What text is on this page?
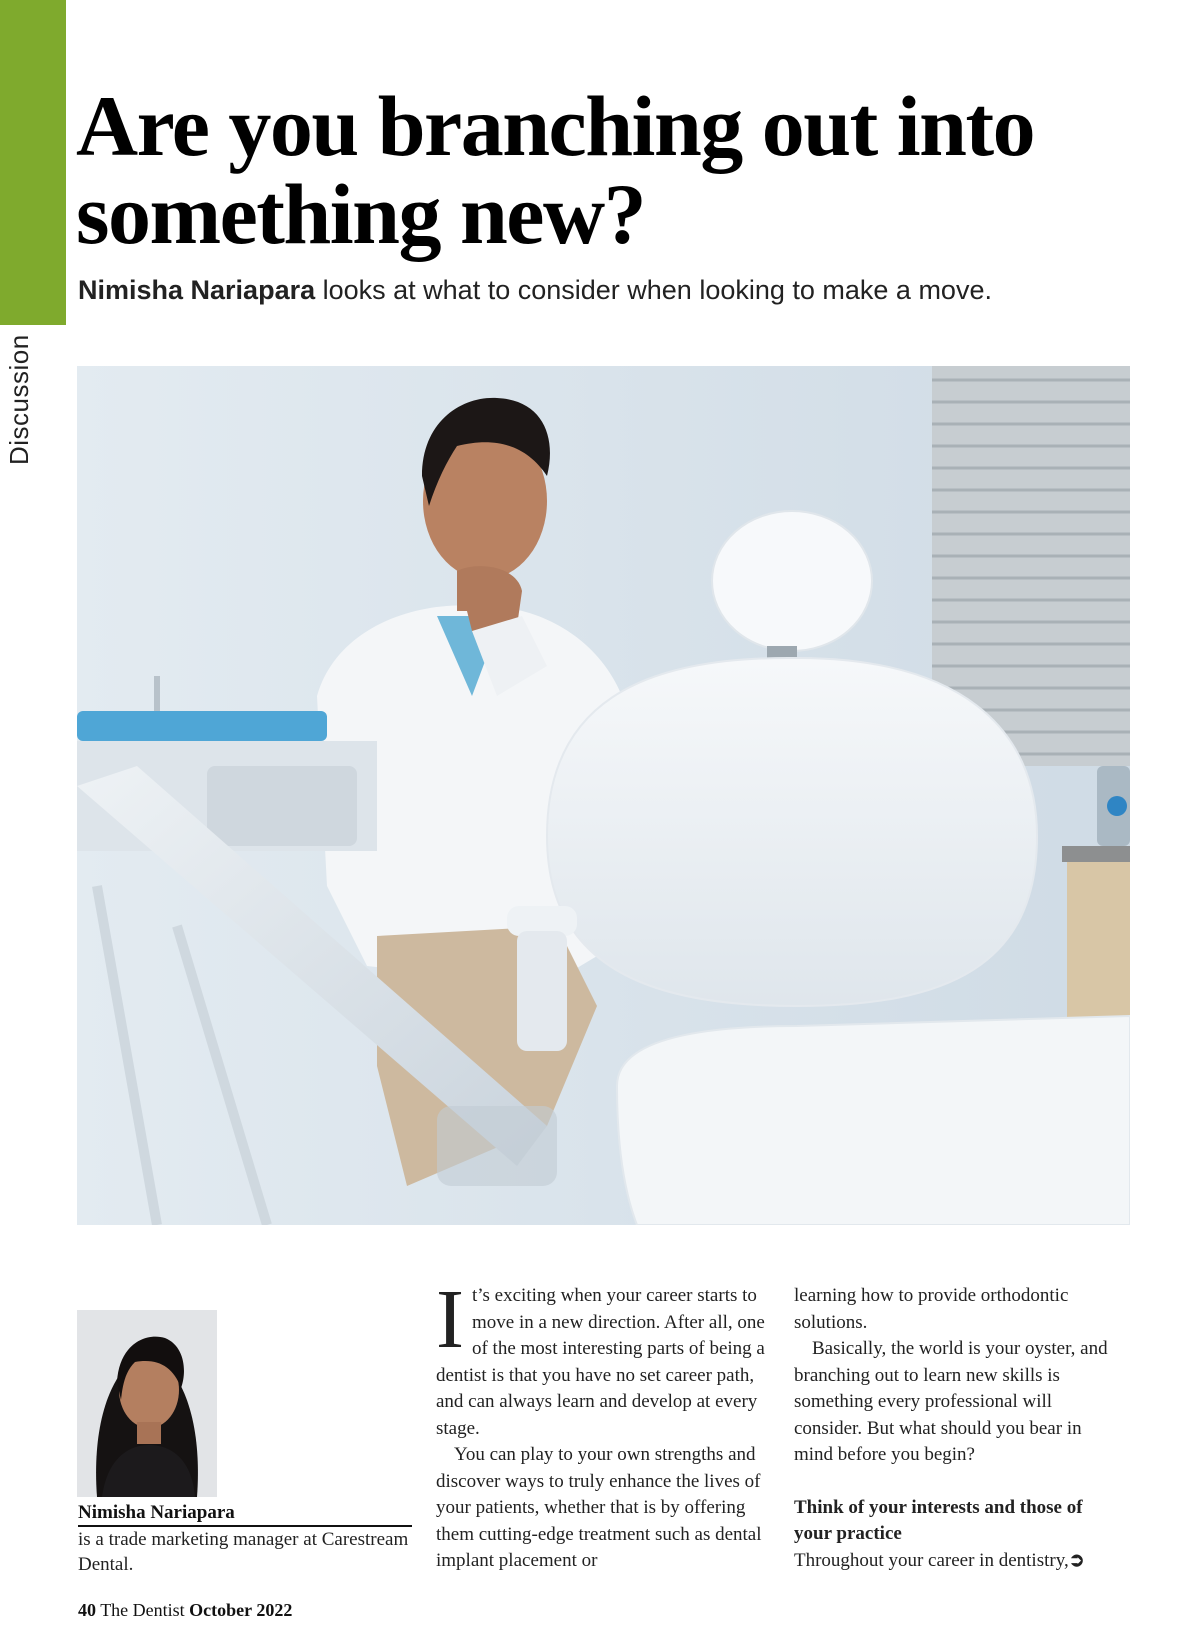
Discussion
Are you branching out into something new?
Nimisha Nariapara looks at what to consider when looking to make a move.
Nimisha Nariapara
is a trade marketing manager at Carestream Dental.

It’s exciting when your career starts to move in a new direction. After all, one of the most interesting parts of being a dentist is that you have no set career path, and can always learn and develop at every stage.

You can play to your own strengths and discover ways to truly enhance the lives of your patients, whether that is by offering them cutting-edge treatment such as dental implant placement or

learning how to provide orthodontic solutions.

Basically, the world is your oyster, and branching out to learn new skills is something every professional will consider. But what should you bear in mind before you begin?

Think of your interests and those of your practice

Throughout your career in dentistry,➲

40 The Dentist October 2022
